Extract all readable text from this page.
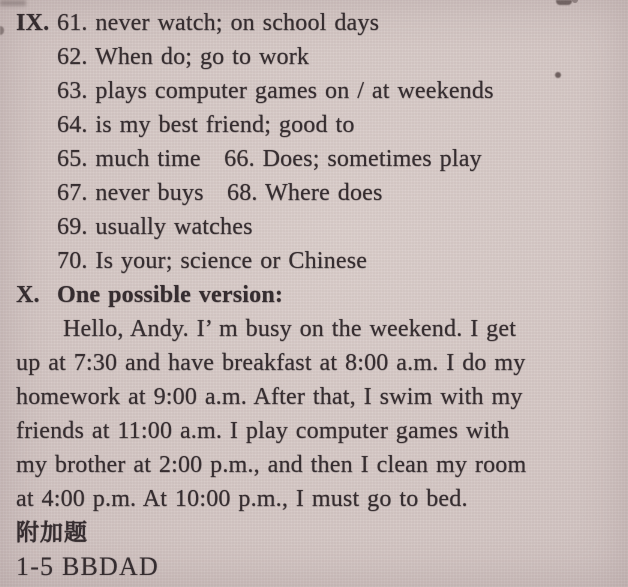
IX. 61. never watch; on school days
62. When do; go to work
63. plays computer games on / at weekends
64. is my best friend; good to
65. much time   66. Does; sometimes play
67. never buys   68. Where does
69. usually watches
70. Is your; science or Chinese
X. One possible version:
Hello, Andy. I’ m busy on the weekend. I get
up at 7:30 and have breakfast at 8:00 a.m. I do my
homework at 9:00 a.m. After that, I swim with my
friends at 11:00 a.m. I play computer games with
my brother at 2:00 p.m., and then I clean my room
at 4:00 p.m. At 10:00 p.m., I must go to bed.
附加题
1-5 BBDAD
